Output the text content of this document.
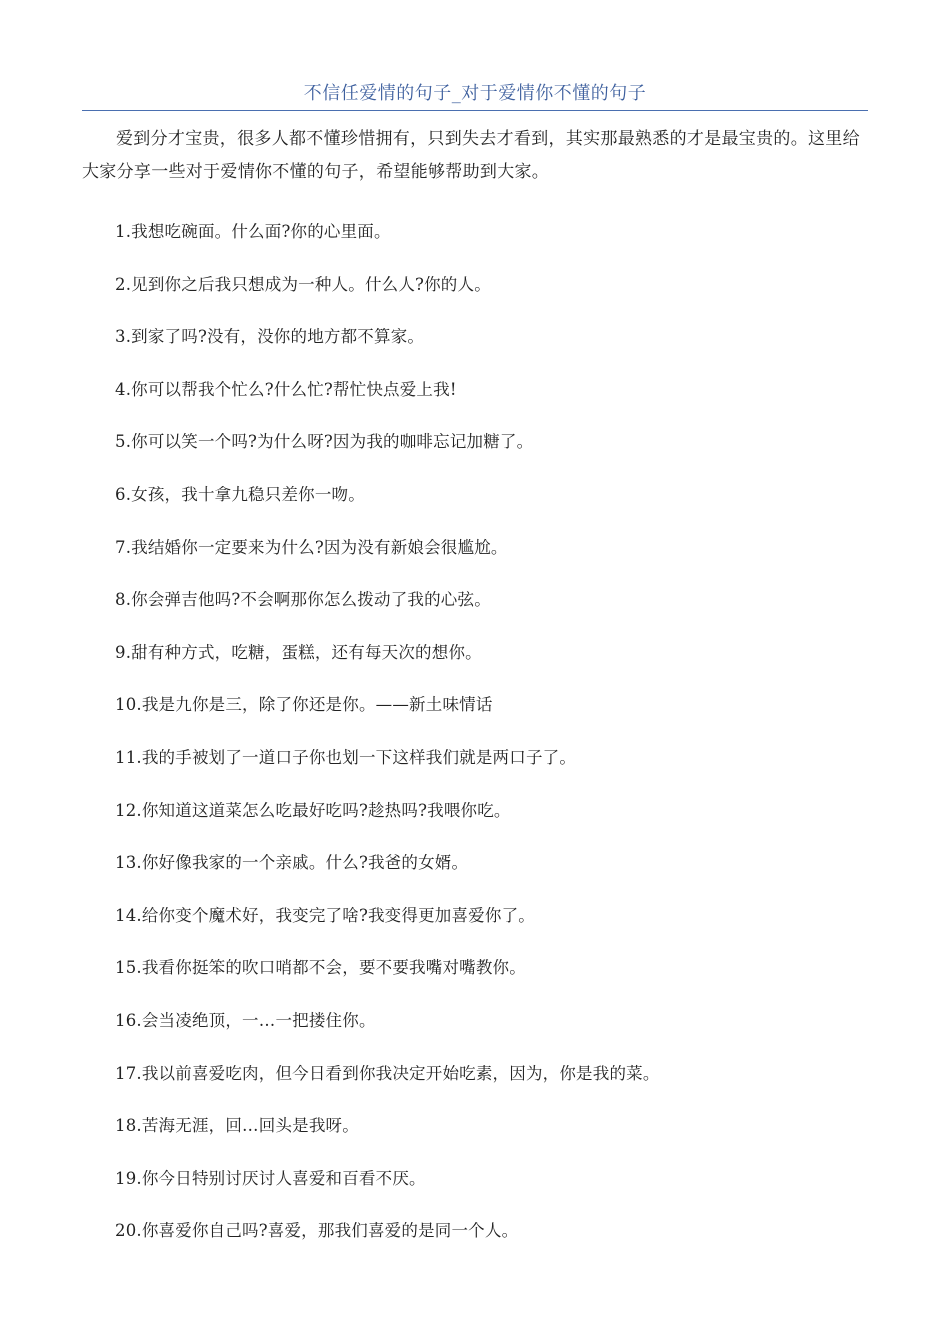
不信任爱情的句子_对于爱情你不懂的句子

爱到分才宝贵，很多人都不懂珍惜拥有，只到失去才看到，其实那最熟悉的才是最宝贵的。这里给大家分享一些对于爱情你不懂的句子，希望能够帮助到大家。

1.我想吃碗面。什么面?你的心里面。
2.见到你之后我只想成为一种人。什么人?你的人。
3.到家了吗?没有，没你的地方都不算家。
4.你可以帮我个忙么?什么忙?帮忙快点爱上我!
5.你可以笑一个吗?为什么呀?因为我的咖啡忘记加糖了。
6.女孩，我十拿九稳只差你一吻。
7.我结婚你一定要来为什么?因为没有新娘会很尴尬。
8.你会弹吉他吗?不会啊那你怎么拨动了我的心弦。
9.甜有种方式，吃糖，蛋糕，还有每天次的想你。
10.我是九你是三，除了你还是你。——新土味情话
11.我的手被划了一道口子你也划一下这样我们就是两口子了。
12.你知道这道菜怎么吃最好吃吗?趁热吗?我喂你吃。
13.你好像我家的一个亲戚。什么?我爸的女婿。
14.给你变个魔术好，我变完了啥?我变得更加喜爱你了。
15.我看你挺笨的吹口哨都不会，要不要我嘴对嘴教你。
16.会当凌绝顶，一…一把搂住你。
17.我以前喜爱吃肉，但今日看到你我决定开始吃素，因为，你是我的菜。
18.苦海无涯，回…回头是我呀。
19.你今日特别讨厌讨人喜爱和百看不厌。
20.你喜爱你自己吗?喜爱，那我们喜爱的是同一个人。
